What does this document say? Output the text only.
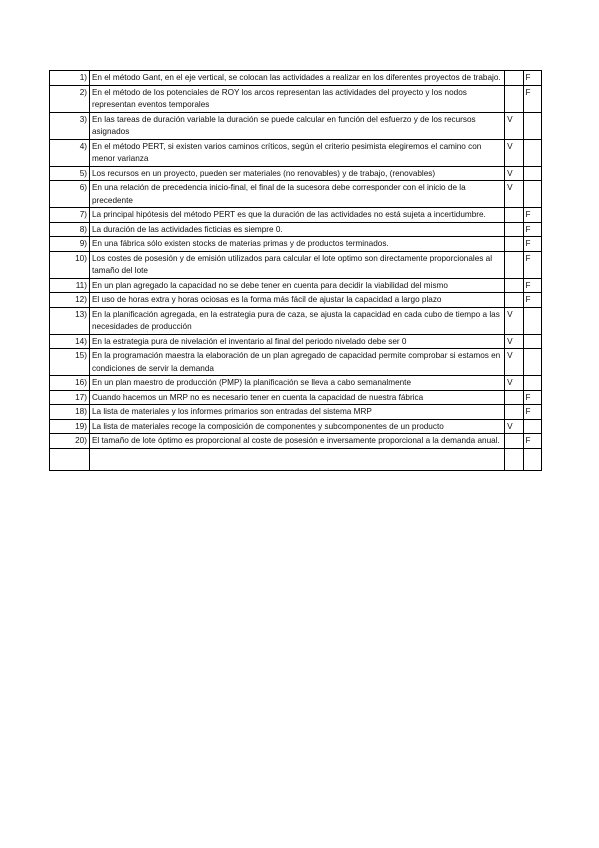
1)	En el método Gant, en el eje vertical, se colocan las actividades a realizar en los diferentes proyectos de trabajo.		F
2)	En el método de los potenciales de ROY los arcos representan las actividades del proyecto y los nodos representan eventos temporales		F
3)	En las tareas de duración variable la duración se puede calcular en función del esfuerzo y de los recursos asignados	V	
4)	En el método PERT, si existen varios caminos críticos, según el criterio pesimista elegiremos el camino con menor varianza	V	
5)	Los recursos en un proyecto, pueden ser materiales (no renovables) y de trabajo, (renovables)	V	
6)	En una relación de precedencia inicio-final, el final de la sucesora debe corresponder con el inicio de la precedente	V	
7)	La principal hipótesis del método PERT es que la duración de las actividades no está sujeta a incertidumbre.		F
8)	La duración de las actividades ficticias es siempre 0.		F
9)	En una fábrica sólo existen stocks de materias primas y de productos terminados.		F
10)	Los costes de posesión y de emisión utilizados para calcular el lote optimo son directamente proporcionales al tamaño del lote		F
11)	En un plan agregado la capacidad no se debe tener en cuenta para decidir la viabilidad del mismo		F
12)	El uso de horas extra y horas ociosas es la forma más fácil de ajustar la capacidad a largo plazo		F
13)	En la planificación agregada, en la estrategia pura de caza, se ajusta la capacidad en cada cubo de tiempo a las necesidades de producción	V	
14)	En la estrategia pura de nivelación el inventario al final del periodo nivelado debe ser 0	V	
15)	En la programación maestra la elaboración de un plan agregado de capacidad permite comprobar si estamos en condiciones de servir la demanda	V	
16)	En un plan maestro de producción (PMP) la planificación se lleva a cabo semanalmente	V	
17)	Cuando hacemos un MRP no es necesario tener en cuenta la capacidad de nuestra fábrica		F
18)	La lista de materiales y los informes primarios son entradas del sistema MRP		F
19)	La lista de materiales recoge la composición de componentes y subcomponentes de un producto	V	
20)	El tamaño de lote óptimo es proporcional al coste de posesión e inversamente proporcional a la demanda anual.		F
